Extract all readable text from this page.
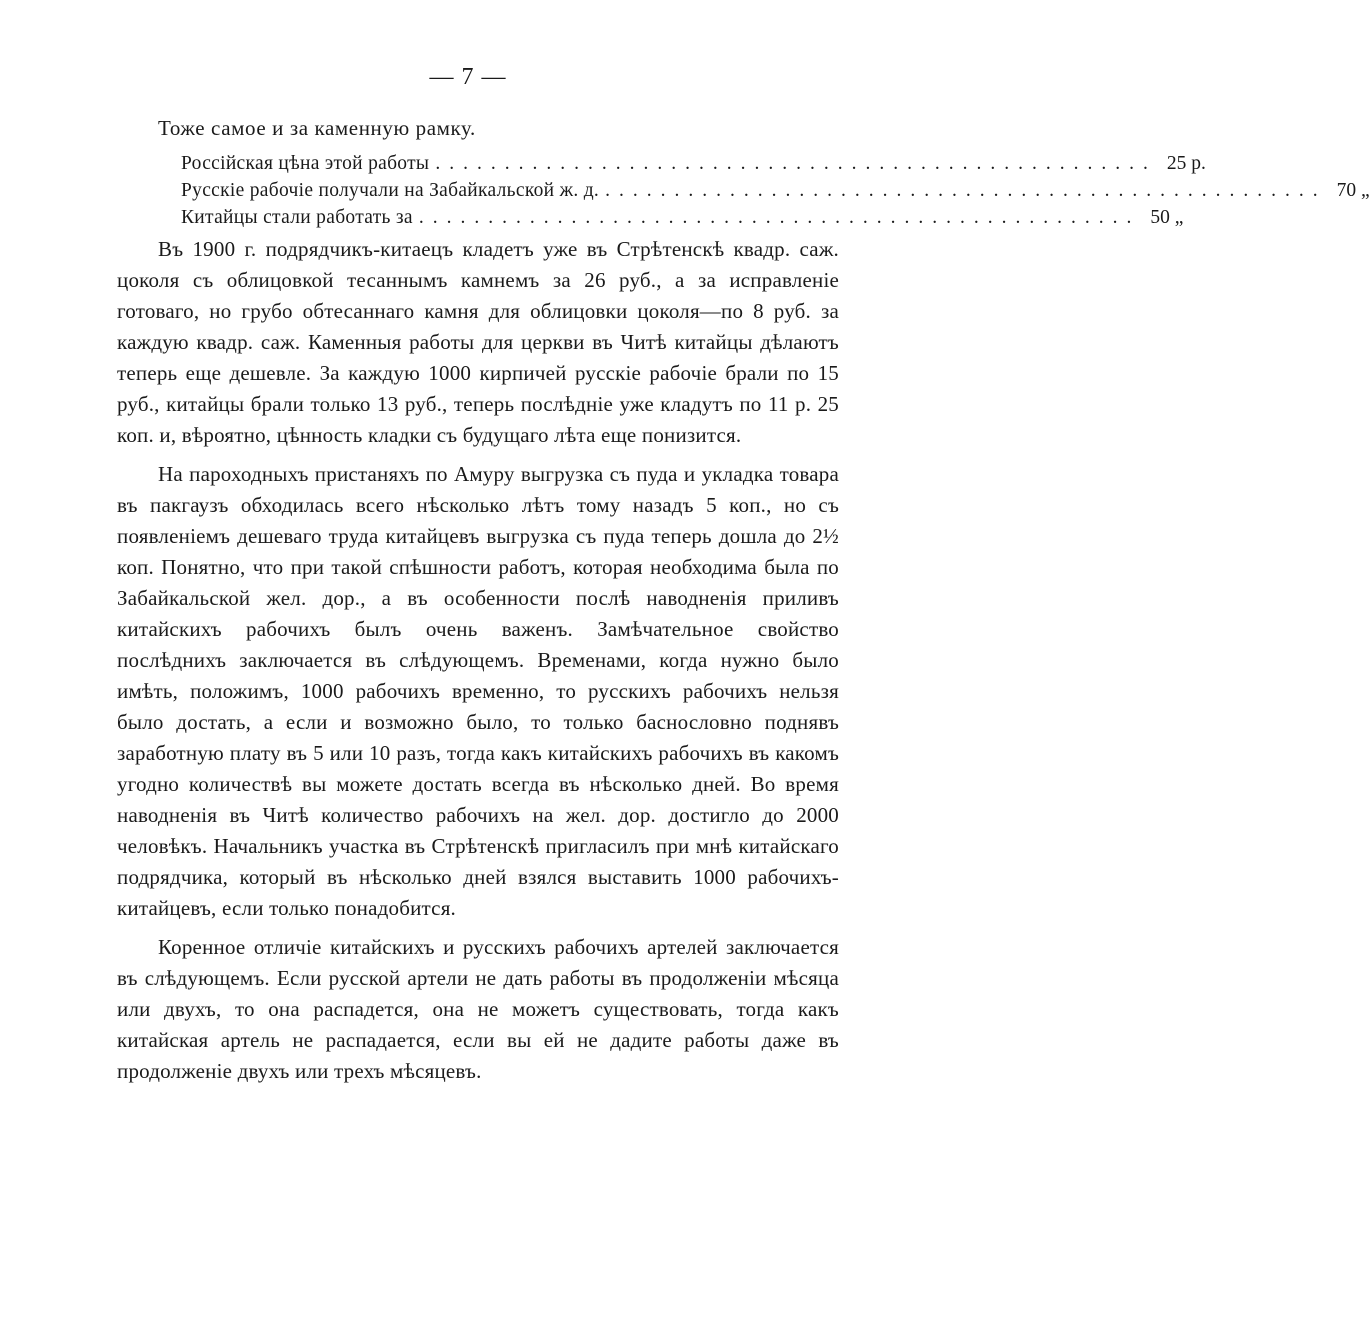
— 7 —
Тоже самое и за каменную рамку.
Россійская цѣна этой работы .................................................... 25 р.
Русскіе рабочіе получали на Забайкальской ж. д. .................................................... 70 „
Китайцы стали работать за .................................................... 50 „

Въ 1900 г. подрядчикъ-китаецъ кладетъ уже въ Стрѣтенскѣ квадр. саж. цоколя съ облицовкой тесаннымъ камнемъ за 26 руб., а за исправленіе готоваго, но грубо обтесаннаго камня для облицовки цоколя—по 8 руб. за каждую квадр. саж. Каменныя работы для церкви въ Читѣ китайцы дѣлаютъ теперь еще дешевле. За каждую 1000 кирпичей русскіе рабочіе брали по 15 руб., китайцы брали только 13 руб., теперь послѣдніе уже кладутъ по 11 р. 25 коп. и, вѣроятно, цѣнность кладки съ будущаго лѣта еще понизится.

На пароходныхъ пристаняхъ по Амуру выгрузка съ пуда и укладка товара въ пакгаузъ обходилась всего нѣсколько лѣтъ тому назадъ 5 коп., но съ появленіемъ дешеваго труда китайцевъ выгрузка съ пуда теперь дошла до 2½ коп. Понятно, что при такой спѣшности работъ, которая необходима была по Забайкальской жел. дор., а въ особенности послѣ наводненія приливъ китайскихъ рабочихъ былъ очень важенъ. Замѣчательное свойство послѣднихъ заключается въ слѣдующемъ. Временами, когда нужно было имѣть, положимъ, 1000 рабочихъ временно, то русскихъ рабочихъ нельзя было достать, а если и возможно было, то только баснословно поднявъ заработную плату въ 5 или 10 разъ, тогда какъ китайскихъ рабочихъ въ какомъ угодно количествѣ вы можете достать всегда въ нѣсколько дней. Во время наводненія въ Читѣ количество рабочихъ на жел. дор. достигло до 2000 человѣкъ. Начальникъ участка въ Стрѣтенскѣ пригласилъ при мнѣ китайскаго подрядчика, который въ нѣсколько дней взялся выставить 1000 рабочихъ-китайцевъ, если только понадобится.

Коренное отличіе китайскихъ и русскихъ рабочихъ артелей заключается въ слѣдующемъ. Если русской артели не дать работы въ продолженіи мѣсяца или двухъ, то она распадется, она не можетъ существовать, тогда какъ китайская артель не распадается, если вы ей не дадите работы даже въ продолженіе двухъ или трехъ мѣсяцевъ.
